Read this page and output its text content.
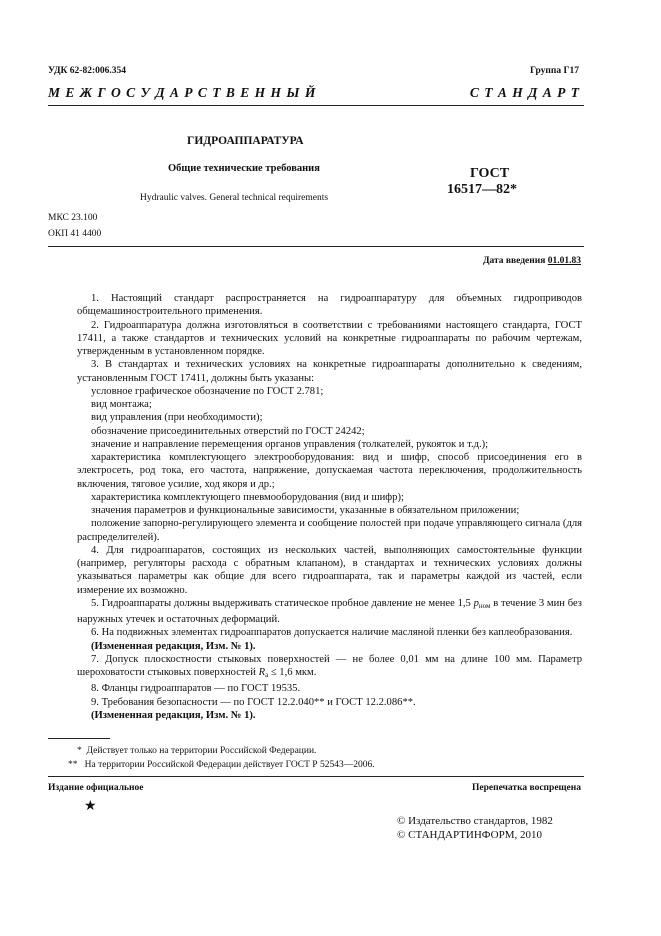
УДК 62-82:006.354	Группа Г17
М Е Ж Г О С У Д А Р С Т В Е Н Н Ы Й	С Т А Н Д А Р Т
ГИДРОАППАРАТУРА
Общие технические требования
Hydraulic valves. General technical requirements
ГОСТ
16517—82*
МКС 23.100
ОКП 41 4400
Дата введения 01.01.83

1. Настоящий стандарт распространяется на гидроаппаратуру для объемных гидроприводов общемашиностроительного применения.

2. Гидроаппаратура должна изготовляться в соответствии с требованиями настоящего стандарта, ГОСТ 17411, а также стандартов и технических условий на конкретные гидроаппараты по рабочим чертежам, утвержденным в установленном порядке.

3. В стандартах и технических условиях на конкретные гидроаппараты дополнительно к сведениям, установленным ГОСТ 17411, должны быть указаны:

условное графическое обозначение по ГОСТ 2.781;

вид монтажа;

вид управления (при необходимости);

обозначение присоединительных отверстий по ГОСТ 24242;

значение и направление перемещения органов управления (толкателей, рукояток и т.д.);

характеристика комплектующего электрооборудования: вид и шифр, способ присоединения его в электросеть, род тока, его частота, напряжение, допускаемая частота переключения, продолжительность включения, тяговое усилие, ход якоря и др.;

характеристика комплектующего пневмооборудования (вид и шифр);

значения параметров и функциональные зависимости, указанные в обязательном приложении;

положение запорно-регулирующего элемента и сообщение полостей при подаче управляющего сигнала (для распределителей).

4. Для гидроаппаратов, состоящих из нескольких частей, выполняющих самостоятельные функции (например, регуляторы расхода с обратным клапаном), в стандартах и технических условиях должны указываться параметры как общие для всего гидроаппарата, так и параметры каждой из частей, если измерение их возможно.

5. Гидроаппараты должны выдерживать статическое пробное давление не менее 1,5 $p_{ном}$ в течение 3 мин без наружных утечек и остаточных деформаций.

6. На подвижных элементах гидроаппаратов допускается наличие масляной пленки без каплеобразования.

(Измененная редакция, Изм. № 1).

7. Допуск плоскостности стыковых поверхностей — не более 0,01 мм на длине 100 мм. Параметр шероховатости стыковых поверхностей $R_a \le 1,6$ мкм.

8. Фланцы гидроаппаратов — по ГОСТ 19535.

9. Требования безопасности — по ГОСТ 12.2.040** и ГОСТ 12.2.086**.

(Измененная редакция, Изм. № 1).

* Действует только на территории Российской Федерации.
** На территории Российской Федерации действует ГОСТ Р 52543—2006.
Издание официальное	Перепечатка воспрещена
★
© Издательство стандартов, 1982
© СТАНДАРТИНФОРМ, 2010
